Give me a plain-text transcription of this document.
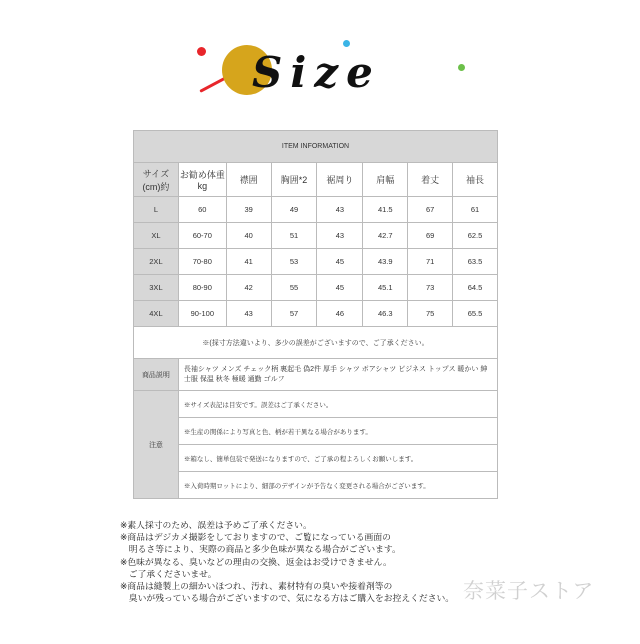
Size
ITEM INFORMATION							
サイズ(cm)約	お勧め体重kg	襟囲	胸囲*2	裾周り	肩幅	着丈	袖長
L	60	39	49	43	41.5	67	61
XL	60-70	40	51	43	42.7	69	62.5
2XL	70-80	41	53	45	43.9	71	63.5
3XL	80-90	42	55	45	45.1	73	64.5
4XL	90-100	43	57	46	46.3	75	65.5
※(採寸方法違いより、多少の誤差がございますので、ご了承ください。							
商品説明	長袖シャツ メンズ チェック柄 裏起毛 偽2件 厚手 シャツ ボアシャツ ビジネス トップス 暖かい 紳士服 保温 秋冬 極暖 通勤 ゴルフ						
注意	※サイズ表記は目安です。誤差はご了承ください。						
	※生産の関係により写真と色、柄が若干異なる場合があります。						
	※箱なし、簡単包装で発送になりますので、ご了承の程よろしくお願いします。						
	※入荷時期ロットにより、細部のデザインが予告なく変更される場合がございます。						
※素人採寸のため、誤差は予めご了承ください。
※商品はデジカメ撮影をしておりますので、ご覧になっている画面の
　明るさ等により、実際の商品と多少色味が異なる場合がございます。
※色味が異なる、臭いなどの理由の交換、返金はお受けできません。
　ご了承くださいませ。
※商品は縫製上の細かいほつれ、汚れ、素材特有の臭いや接着剤等の
　臭いが残っている場合がございますので、気になる方はご購入をお控えください。 奈菜子ストア
